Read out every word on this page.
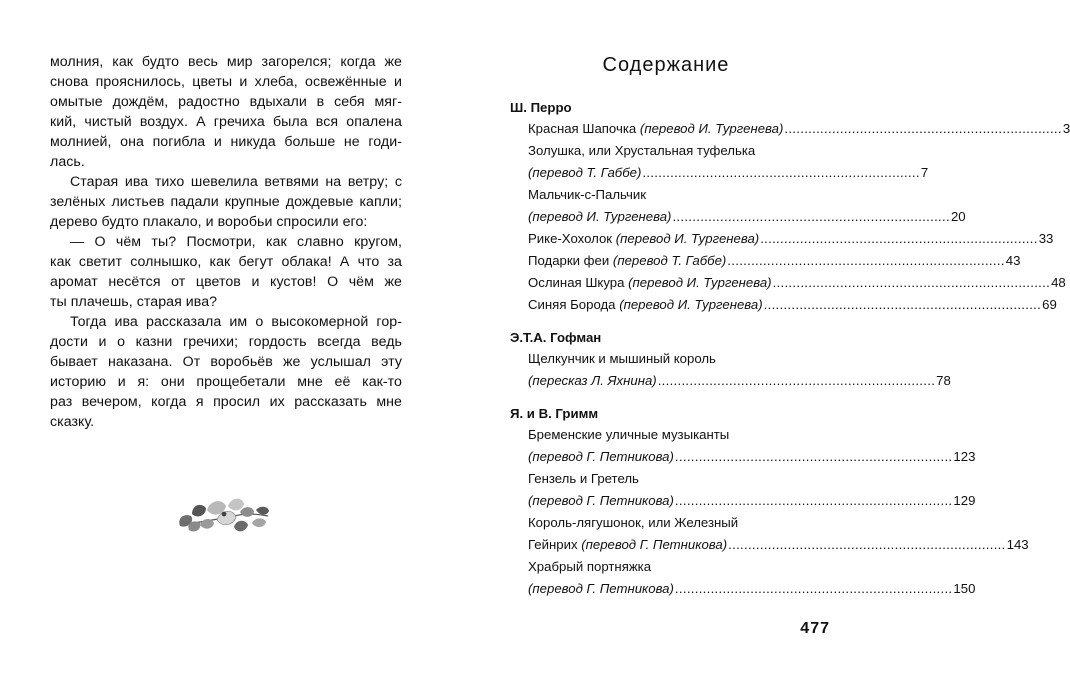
молния, как будто весь мир загорелся; когда же
снова прояснилось, цветы и хлеба, освежённые и
омытые дождём, радостно вдыхали в себя мяг-
кий, чистый воздух. А гречиха была вся опалена
молнией, она погибла и никуда больше не годи-
лась.
Старая ива тихо шевелила ветвями на ветру; с
зелёных листьев падали крупные дождевые капли;
дерево будто плакало, и воробьи спросили его:
— О чём ты? Посмотри, как славно кругом,
как светит солнышко, как бегут облака! А что за
аромат несётся от цветов и кустов! О чём же
ты плачешь, старая ива?
Тогда ива рассказала им о высокомерной гор-
дости и о казни гречихи; гордость всегда ведь
бывает наказана. От воробьёв же услышал эту
историю и я: они прощебетали мне её как-то
раз вечером, когда я просил их рассказать мне
сказку.
Содержание
Ш. Перро
Красная Шапочка (перевод И. Тургенева) ...................................................................... 3
Золушка, или Хрустальная туфелька
(перевод Т. Габбе) ...................................................................... 7
Мальчик-с-Пальчик
(перевод И. Тургенева) ...................................................................... 20
Рике-Хохолок (перевод И. Тургенева) ...................................................................... 33
Подарки феи (перевод Т. Габбе) ...................................................................... 43
Ослиная Шкура (перевод И. Тургенева) ...................................................................... 48
Синяя Борода (перевод И. Тургенева) ...................................................................... 69
Э.Т.А. Гофман
Щелкунчик и мышиный король
(пересказ Л. Яхнина) ...................................................................... 78
Я. и В. Гримм
Бременские уличные музыканты
(перевод Г. Петникова) ...................................................................... 123
Гензель и Гретель
(перевод Г. Петникова) ...................................................................... 129
Король-лягушонок, или Железный
Гейнрих (перевод Г. Петникова) ...................................................................... 143
Храбрый портняжка
(перевод Г. Петникова) ...................................................................... 150
477
